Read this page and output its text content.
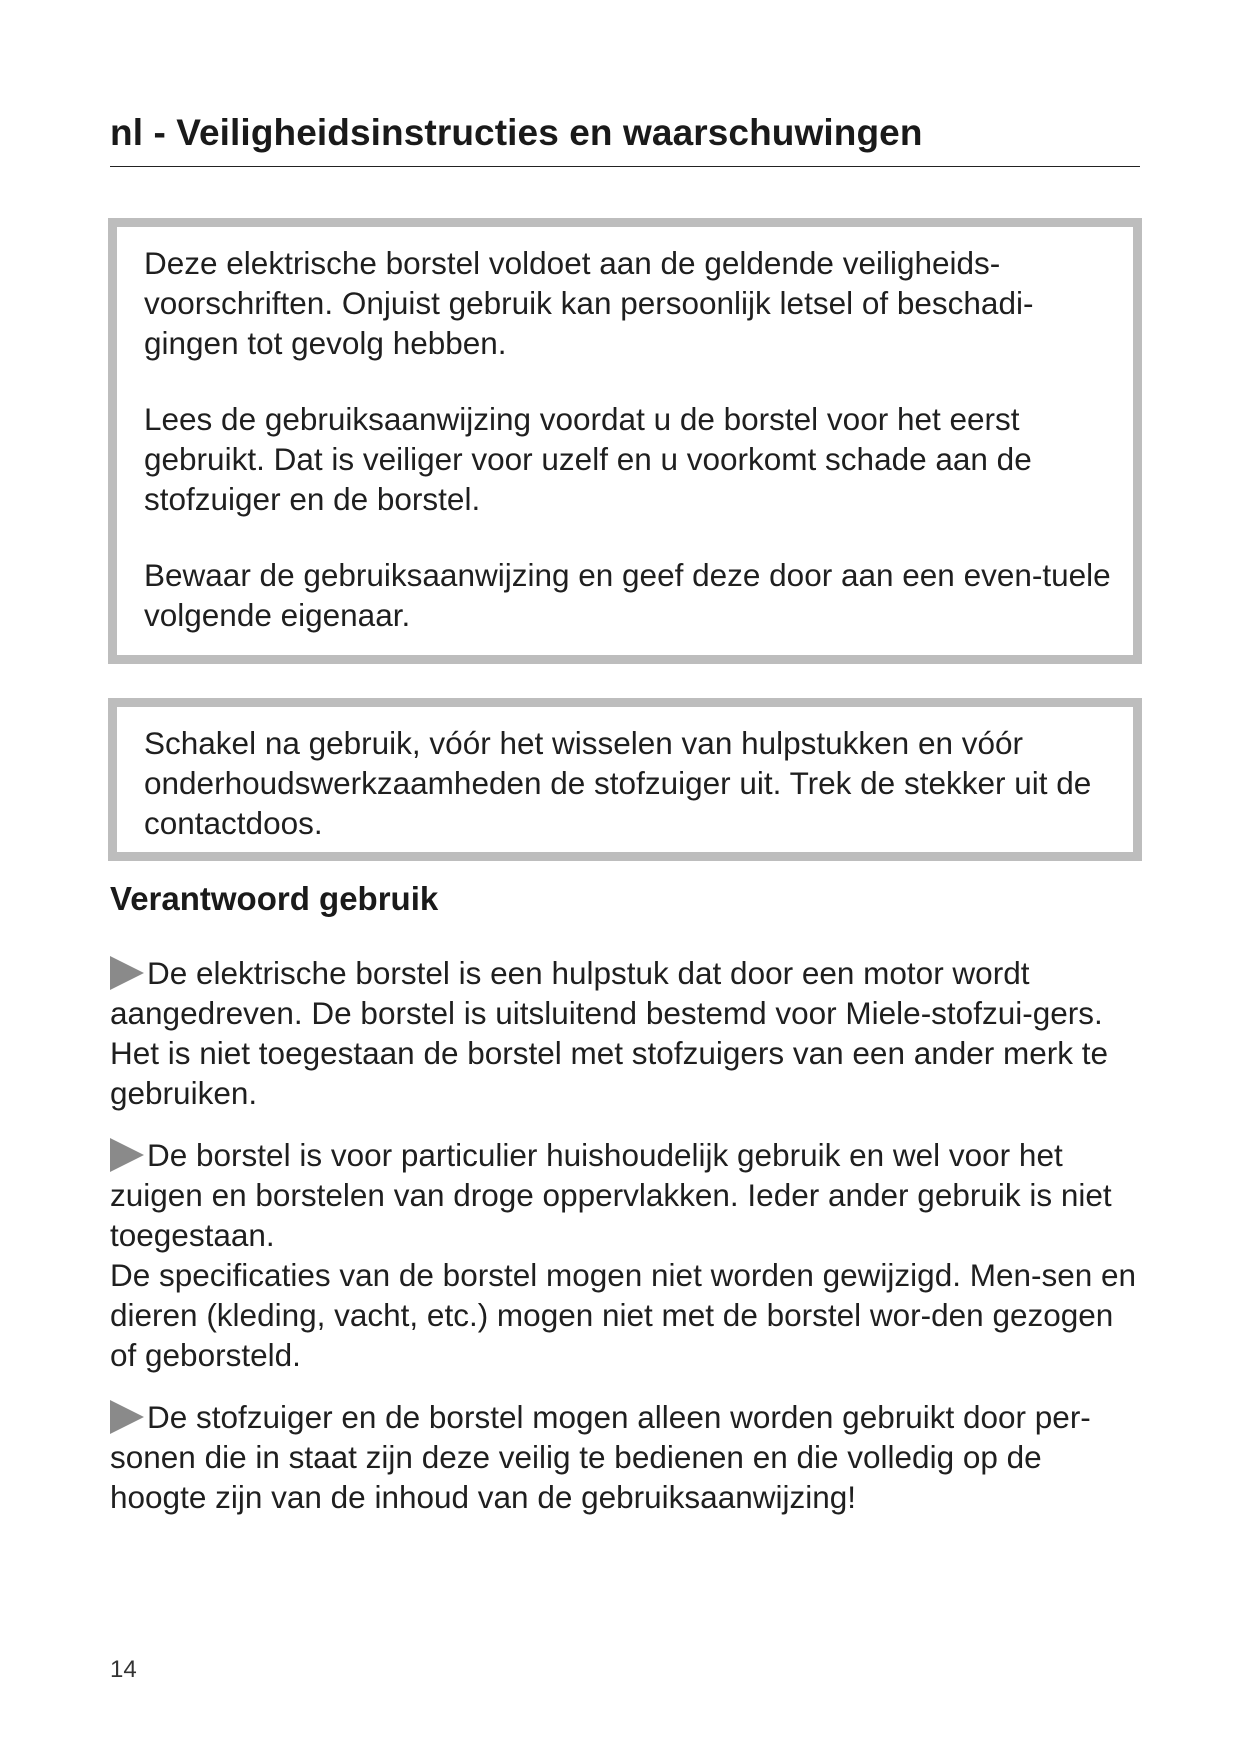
nl - Veiligheidsinstructies en waarschuwingen

Deze elektrische borstel voldoet aan de geldende veiligheids-voorschriften. Onjuist gebruik kan persoonlijk letsel of beschadi-gingen tot gevolg hebben.

Lees de gebruiksaanwijzing voordat u de borstel voor het eerst gebruikt. Dat is veiliger voor uzelf en u voorkomt schade aan de stofzuiger en de borstel.

Bewaar de gebruiksaanwijzing en geef deze door aan een even-tuele volgende eigenaar.

Schakel na gebruik, vóór het wisselen van hulpstukken en vóór onderhoudswerkzaamheden de stofzuiger uit. Trek de stekker uit de contactdoos.

Verantwoord gebruik

De elektrische borstel is een hulpstuk dat door een motor wordt aangedreven. De borstel is uitsluitend bestemd voor Miele-stofzui-gers. Het is niet toegestaan de borstel met stofzuigers van een ander merk te gebruiken.

De borstel is voor particulier huishoudelijk gebruik en wel voor het zuigen en borstelen van droge oppervlakken. Ieder ander gebruik is niet toegestaan.

De specificaties van de borstel mogen niet worden gewijzigd. Men-sen en dieren (kleding, vacht, etc.) mogen niet met de borstel wor-den gezogen of geborsteld.

De stofzuiger en de borstel mogen alleen worden gebruikt door per-sonen die in staat zijn deze veilig te bedienen en die volledig op de hoogte zijn van de inhoud van de gebruiksaanwijzing!

14
